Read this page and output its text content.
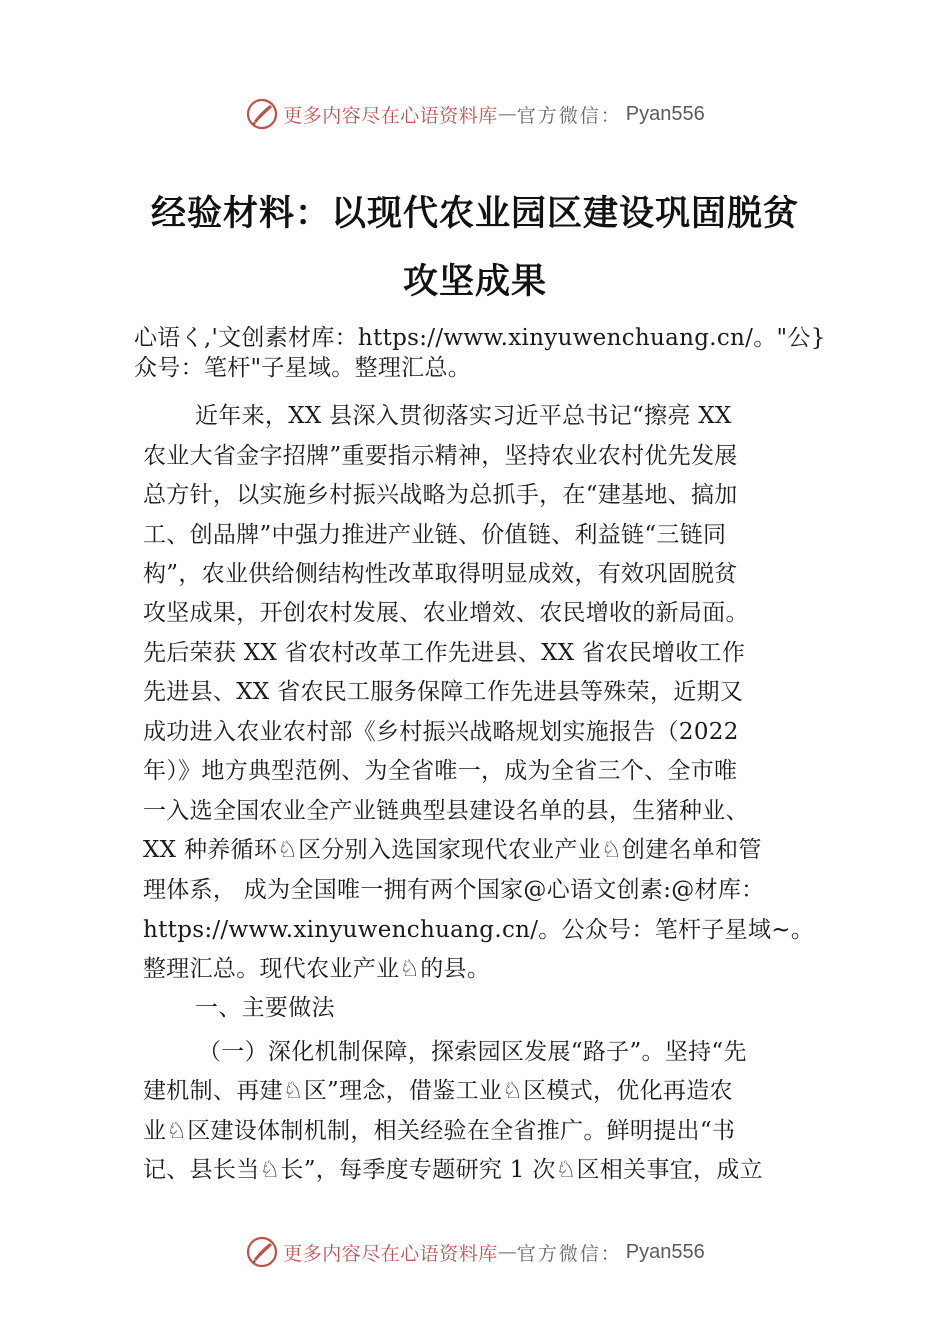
更多内容尽在心语资料库 — 官方微信： Pyan556
经验材料：以现代农业园区建设巩固脱贫
攻坚成果
心语く,'文创素材库：https://www.xinyuwenchuang.cn/。"公}
众号：笔杆"子星域。整理汇总。
近年来，XX 县深入贯彻落实习近平总书记“擦亮 XX
农业大省金字招牌”重要指示精神，坚持农业农村优先发展
总方针，以实施乡村振兴战略为总抓手，在“建基地、搞加
工、创品牌”中强力推进产业链、价值链、利益链“三链同
构”，农业供给侧结构性改革取得明显成效，有效巩固脱贫
攻坚成果，开创农村发展、农业增效、农民增收的新局面。
先后荣获 XX 省农村改革工作先进县、XX 省农民增收工作
先进县、XX 省农民工服务保障工作先进县等殊荣，近期又
成功进入农业农村部《乡村振兴战略规划实施报告（2022
年）》地方典型范例、为全省唯一，成为全省三个、全市唯
一入选全国农业全产业链典型县建设名单的县，生猪种业、
XX 种养循环♘区分别入选国家现代农业产业♘创建名单和管
理体系， 成为全国唯一拥有两个国家@心语文创素:@材库：
https://www.xinyuwenchuang.cn/。公众号：笔杆子星域~。
整理汇总。现代农业产业♘的县。
一、主要做法
（一）深化机制保障，探索园区发展“路子”。坚持“先
建机制、再建♘区”理念，借鉴工业♘区模式，优化再造农
业♘区建设体制机制，相关经验在全省推广。鲜明提出“书
记、县长当♘长”，每季度专题研究 1 次♘区相关事宜，成立
更多内容尽在心语资料库 — 官方微信： Pyan556
